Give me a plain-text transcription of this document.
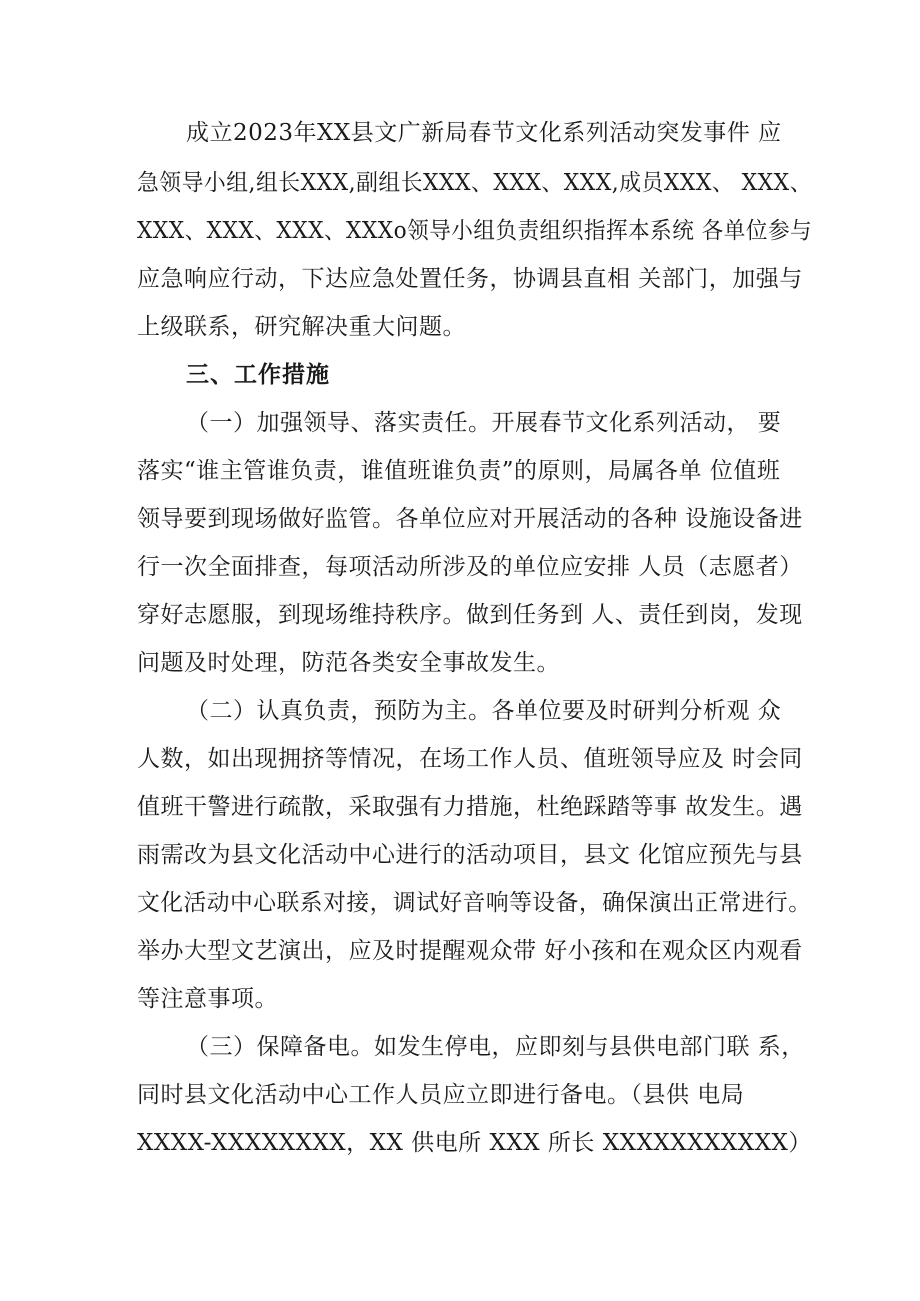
成立2023年XX县文广新局春节文化系列活动突发事件 应
急领导小组,组长XXX,副组长XXX、XXX、XXX,成员XXX、 XXX、
XXX、XXX、XXX、XXXo领导小组负责组织指挥本系统 各单位参与
应急响应行动，下达应急处置任务，协调县直相 关部门，加强与
上级联系，研究解决重大问题。
三、工作措施
（一）加强领导、落实责任。开展春节文化系列活动， 要
落实“谁主管谁负责，谁值班谁负责”的原则，局属各单 位值班
领导要到现场做好监管。各单位应对开展活动的各种 设施设备进
行一次全面排查，每项活动所涉及的单位应安排 人员（志愿者）
穿好志愿服，到现场维持秩序。做到任务到 人、责任到岗，发现
问题及时处理，防范各类安全事故发生。
（二）认真负责，预防为主。各单位要及时研判分析观 众
人数，如出现拥挤等情况，在场工作人员、值班领导应及 时会同
值班干警进行疏散，采取强有力措施，杜绝踩踏等事 故发生。遇
雨需改为县文化活动中心进行的活动项目，县文 化馆应预先与县
文化活动中心联系对接，调试好音响等设备，确保演出正常进行。
举办大型文艺演出，应及时提醒观众带 好小孩和在观众区内观看
等注意事项。
（三）保障备电。如发生停电，应即刻与县供电部门联 系，
同时县文化活动中心工作人员应立即进行备电。（县供 电局
XXXX-XXXXXXXX，XX 供电所 XXX 所长 XXXXXXXXXXX）
